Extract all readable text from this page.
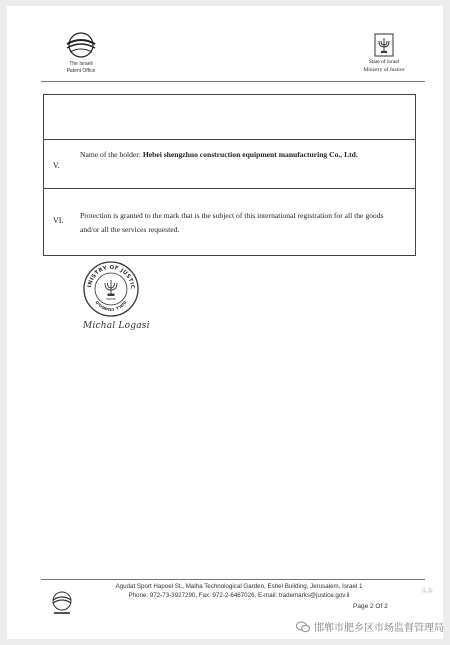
The Israeli
Patent Office
State of Israel
Ministry of Justice
V.
Name of the holder: Hebei shengzhuo construction equipment manufacturing Co., Ltd.
VI.
Protection is granted to the mark that is the subject of this international registration for all the goods and/or all the services requested.
INISTRY OF JUSTIC
משרד המשפטים
ISRAEL
Michal Logasi
Agudat Sport Hapoel St., Malha Technological Garden, Eshel Building, Jerusalem, Israel 1
Phone: 972-73-3927290, Fax: 972-2-6467026, E-mail: trademarks@justice.gov.il
Page 2 Of 2
头条
邯郸市肥乡区市场监督管理局
